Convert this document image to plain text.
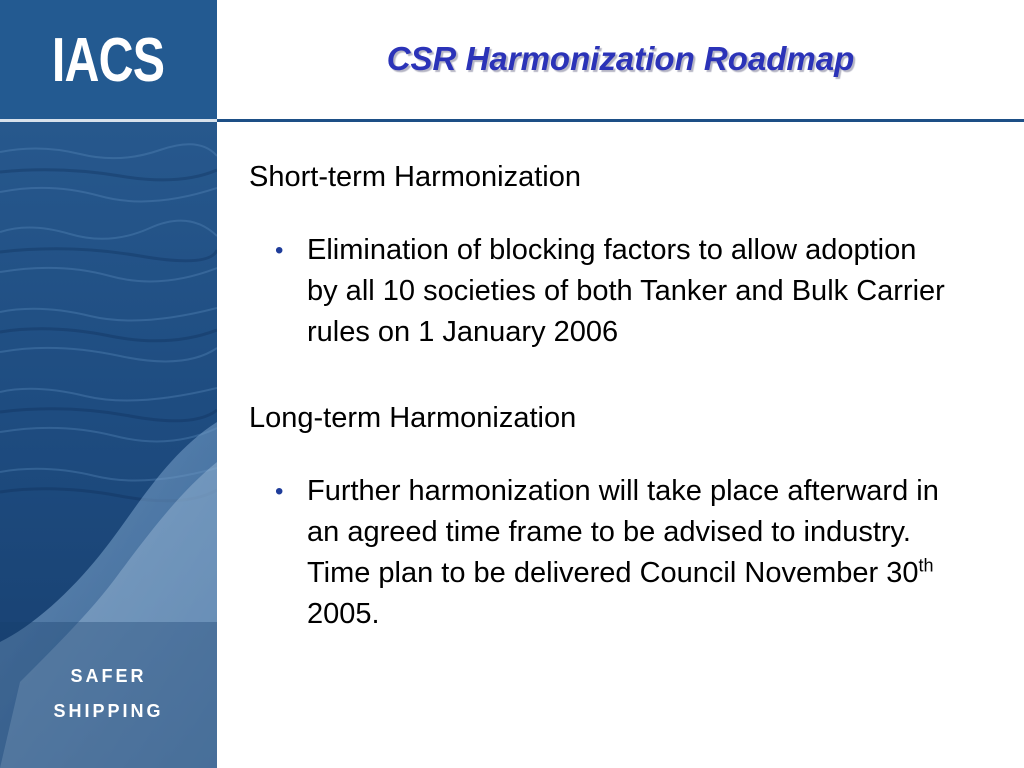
IACS
SAFER
SHIPPING
CSR Harmonization Roadmap

Short-term Harmonization

• Elimination of blocking factors to allow adoption by all 10 societies of both Tanker and Bulk Carrier rules on 1 January 2006

Long-term Harmonization

• Further harmonization will take place afterward in an agreed time frame to be advised to industry. Time plan to be delivered Council November 30th 2005.
